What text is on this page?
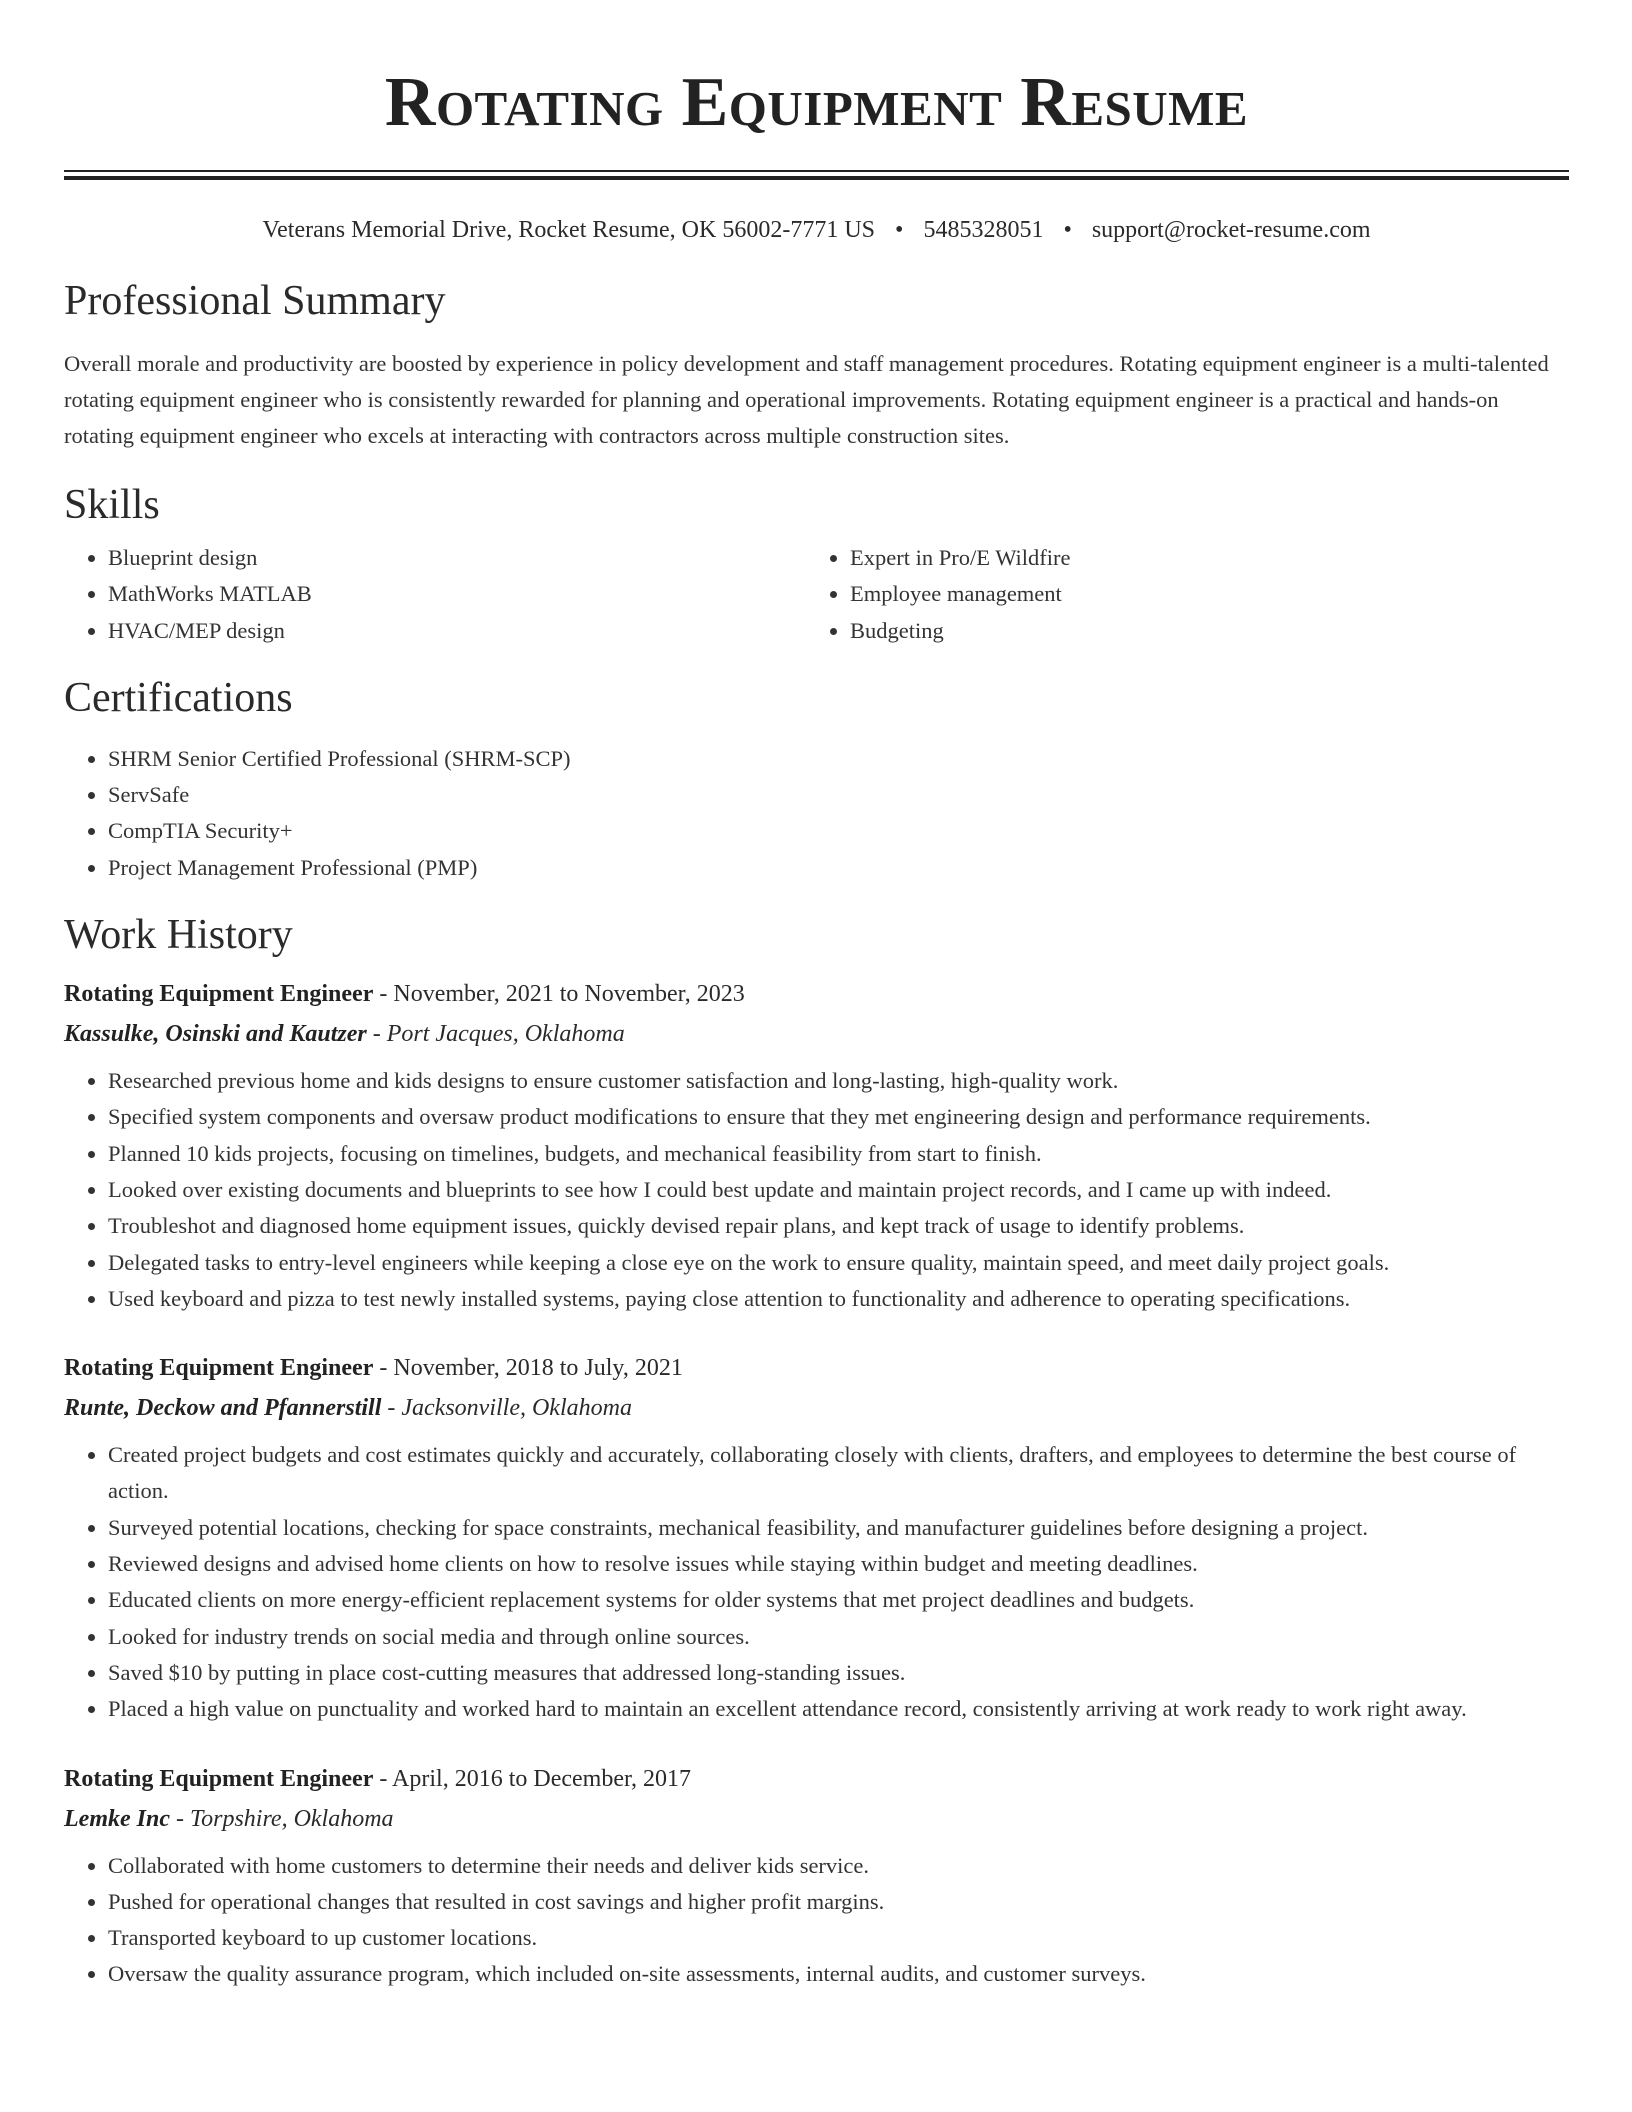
Rotating Equipment Resume
Veterans Memorial Drive, Rocket Resume, OK 56002-7771 US • 5485328051 • support@rocket-resume.com
Professional Summary

Overall morale and productivity are boosted by experience in policy development and staff management procedures. Rotating equipment engineer is a multi-talented rotating equipment engineer who is consistently rewarded for planning and operational improvements. Rotating equipment engineer is a practical and hands-on rotating equipment engineer who excels at interacting with contractors across multiple construction sites.

Skills
• Blueprint design
• MathWorks MATLAB
• HVAC/MEP design
• Expert in Pro/E Wildfire
• Employee management
• Budgeting
Certifications
• SHRM Senior Certified Professional (SHRM-SCP)
• ServSafe
• CompTIA Security+
• Project Management Professional (PMP)
Work History
Rotating Equipment Engineer - November, 2021 to November, 2023
Kassulke, Osinski and Kautzer - Port Jacques, Oklahoma
• Researched previous home and kids designs to ensure customer satisfaction and long-lasting, high-quality work.
• Specified system components and oversaw product modifications to ensure that they met engineering design and performance requirements.
• Planned 10 kids projects, focusing on timelines, budgets, and mechanical feasibility from start to finish.
• Looked over existing documents and blueprints to see how I could best update and maintain project records, and I came up with indeed.
• Troubleshot and diagnosed home equipment issues, quickly devised repair plans, and kept track of usage to identify problems.
• Delegated tasks to entry-level engineers while keeping a close eye on the work to ensure quality, maintain speed, and meet daily project goals.
• Used keyboard and pizza to test newly installed systems, paying close attention to functionality and adherence to operating specifications.
Rotating Equipment Engineer - November, 2018 to July, 2021
Runte, Deckow and Pfannerstill - Jacksonville, Oklahoma
• Created project budgets and cost estimates quickly and accurately, collaborating closely with clients, drafters, and employees to determine the best course of action.
• Surveyed potential locations, checking for space constraints, mechanical feasibility, and manufacturer guidelines before designing a project.
• Reviewed designs and advised home clients on how to resolve issues while staying within budget and meeting deadlines.
• Educated clients on more energy-efficient replacement systems for older systems that met project deadlines and budgets.
• Looked for industry trends on social media and through online sources.
• Saved $10 by putting in place cost-cutting measures that addressed long-standing issues.
• Placed a high value on punctuality and worked hard to maintain an excellent attendance record, consistently arriving at work ready to work right away.
Rotating Equipment Engineer - April, 2016 to December, 2017
Lemke Inc - Torpshire, Oklahoma
• Collaborated with home customers to determine their needs and deliver kids service.
• Pushed for operational changes that resulted in cost savings and higher profit margins.
• Transported keyboard to up customer locations.
• Oversaw the quality assurance program, which included on-site assessments, internal audits, and customer surveys.
